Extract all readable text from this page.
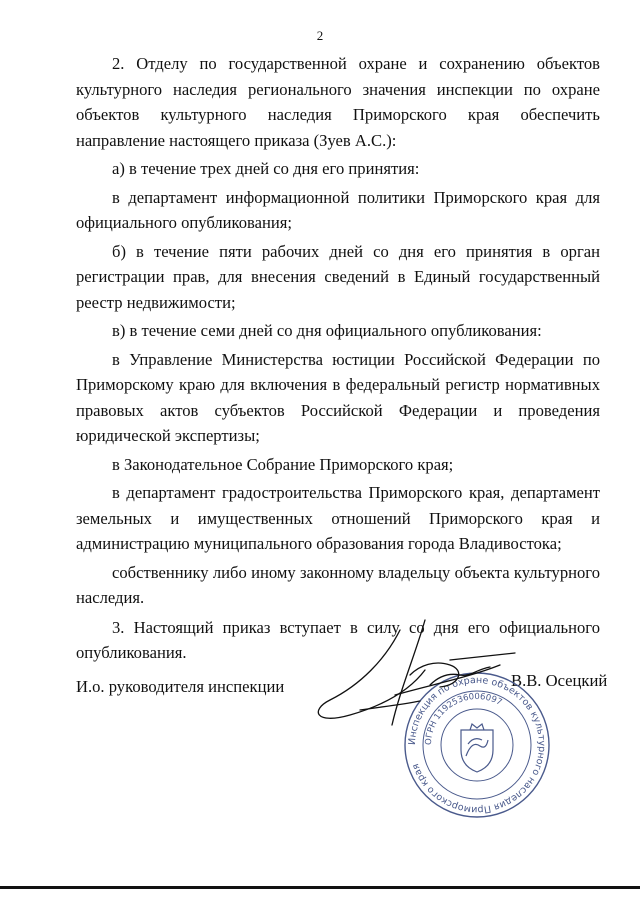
2

2. Отделу по государственной охране и сохранению объектов культурного наследия регионального значения инспекции по охране объектов культурного наследия Приморского края обеспечить направление настоящего приказа (Зуев А.С.):

а) в течение трех дней со дня его принятия:

в департамент информационной политики Приморского края для официального опубликования;

б) в течение пяти рабочих дней со дня его принятия в орган регистрации прав, для внесения сведений в Единый государственный реестр недвижимости;

в) в течение семи дней со дня официального опубликования:

в Управление Министерства юстиции Российской Федерации по Приморскому краю для включения в федеральный регистр нормативных правовых актов субъектов Российской Федерации и проведения юридической экспертизы;

в Законодательное Собрание Приморского края;

в департамент градостроительства Приморского края, департамент земельных и имущественных отношений Приморского края и администрацию муниципального образования города Владивостока;

собственнику либо иному законному владельцу объекта культурного наследия.

3. Настоящий приказ вступает в силу со дня его официального опубликования.

И.о. руководителя инспекции	В.В. Осецкий
Инспекция по охране объектов культурного наследия Приморского края
ОГРН 1192536006097
